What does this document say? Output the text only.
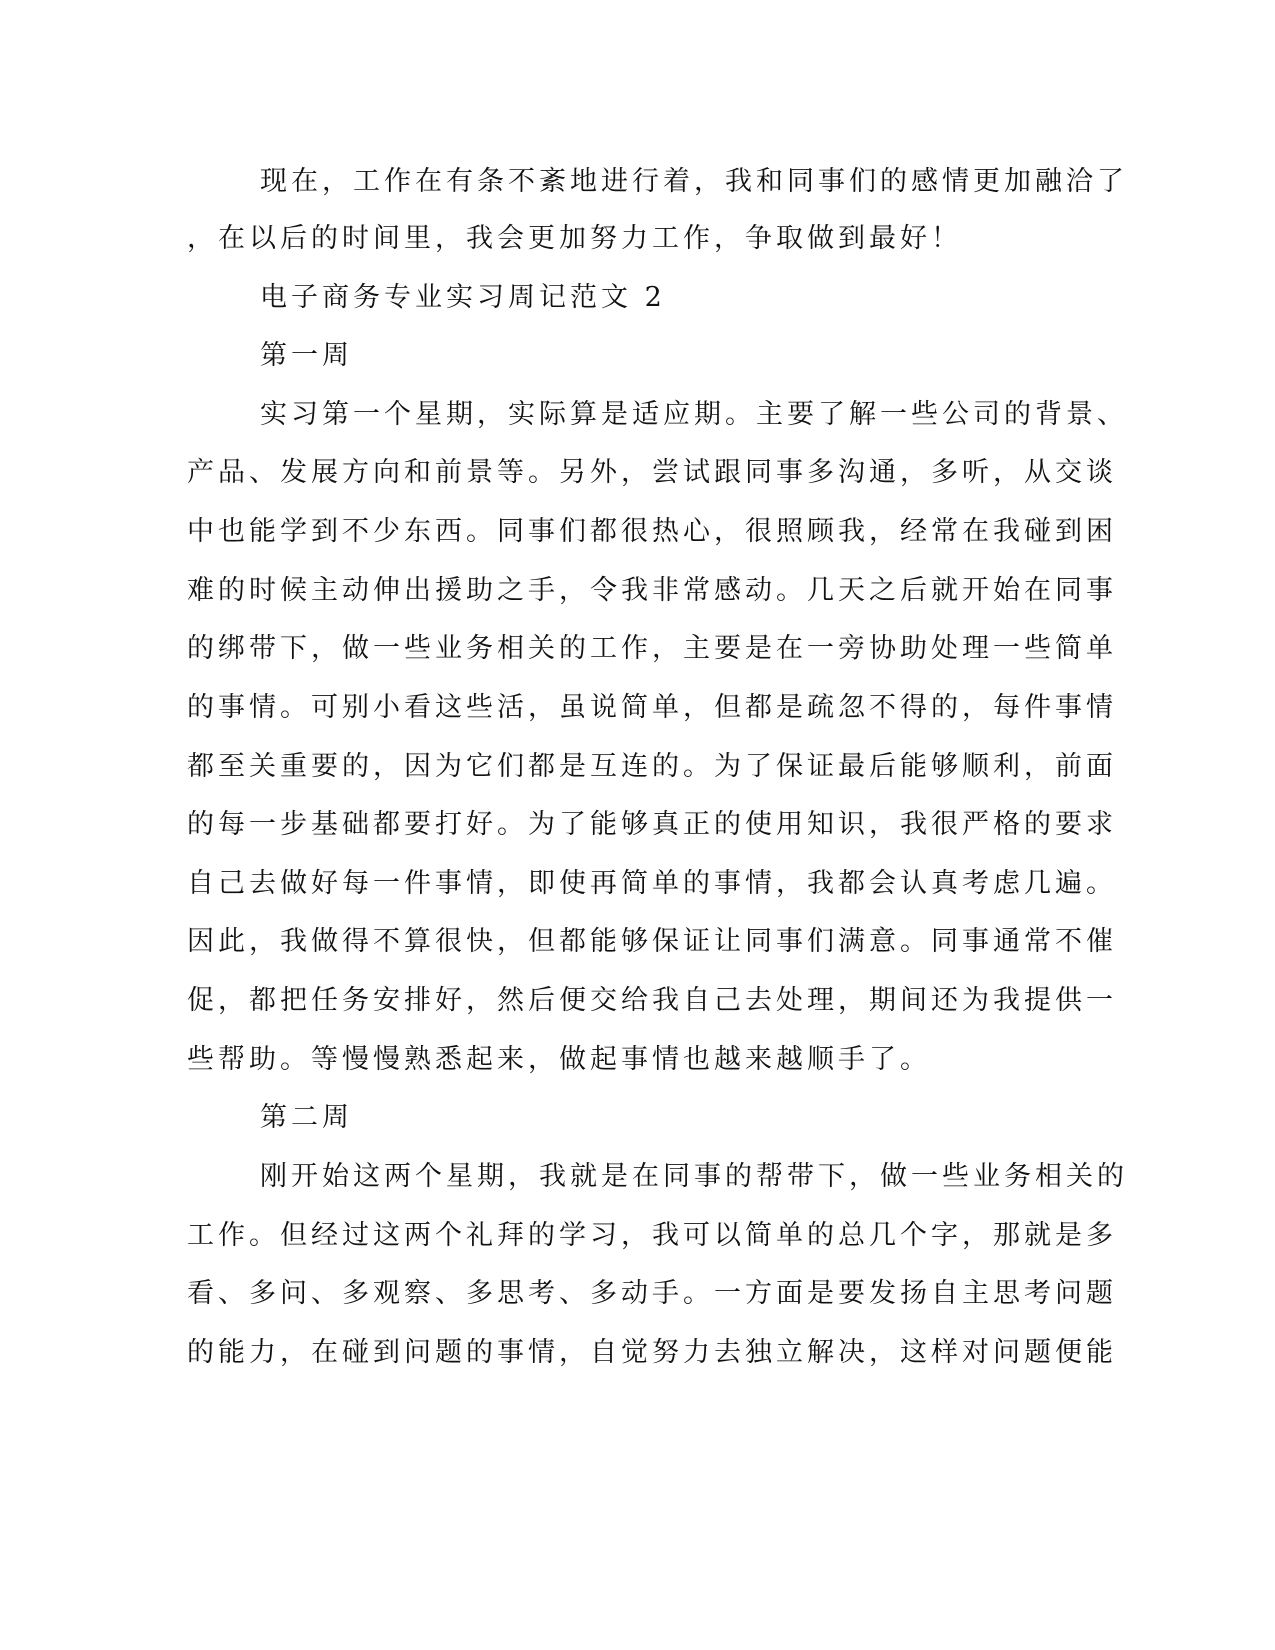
现在，工作在有条不紊地进行着，我和同事们的感情更加融洽了
，在以后的时间里，我会更加努力工作，争取做到最好！
电子商务专业实习周记范文 2
第一周
实习第一个星期，实际算是适应期。主要了解一些公司的背景、
产品、发展方向和前景等。另外，尝试跟同事多沟通，多听，从交谈
中也能学到不少东西。同事们都很热心，很照顾我，经常在我碰到困
难的时候主动伸出援助之手，令我非常感动。几天之后就开始在同事
的绑带下，做一些业务相关的工作，主要是在一旁协助处理一些简单
的事情。可别小看这些活，虽说简单，但都是疏忽不得的，每件事情
都至关重要的，因为它们都是互连的。为了保证最后能够顺利，前面
的每一步基础都要打好。为了能够真正的使用知识，我很严格的要求
自己去做好每一件事情，即使再简单的事情，我都会认真考虑几遍。
因此，我做得不算很快，但都能够保证让同事们满意。同事通常不催
促，都把任务安排好，然后便交给我自己去处理，期间还为我提供一
些帮助。等慢慢熟悉起来，做起事情也越来越顺手了。
第二周
刚开始这两个星期，我就是在同事的帮带下，做一些业务相关的
工作。但经过这两个礼拜的学习，我可以简单的总几个字，那就是多
看、多问、多观察、多思考、多动手。一方面是要发扬自主思考问题
的能力，在碰到问题的事情，自觉努力去独立解决，这样对问题便能
